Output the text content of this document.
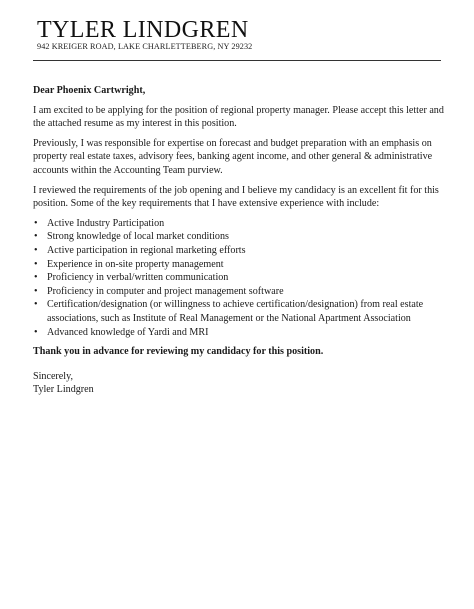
TYLER LINDGREN
942 KREIGER ROAD, LAKE CHARLETTEBERG, NY 29232

Dear Phoenix Cartwright,

I am excited to be applying for the position of regional property manager. Please accept this letter and the attached resume as my interest in this position.

Previously, I was responsible for expertise on forecast and budget preparation with an emphasis on property real estate taxes, advisory fees, banking agent income, and other general & administrative accounts within the Accounting Team purview.

I reviewed the requirements of the job opening and I believe my candidacy is an excellent fit for this position. Some of the key requirements that I have extensive experience with include:

• Active Industry Participation
• Strong knowledge of local market conditions
• Active participation in regional marketing efforts
• Experience in on-site property management
• Proficiency in verbal/written communication
• Proficiency in computer and project management software
• Certification/designation (or willingness to achieve certification/designation) from real estate associations, such as Institute of Real Management or the National Apartment Association
• Advanced knowledge of Yardi and MRI

Thank you in advance for reviewing my candidacy for this position.

Sincerely,

Tyler Lindgren
